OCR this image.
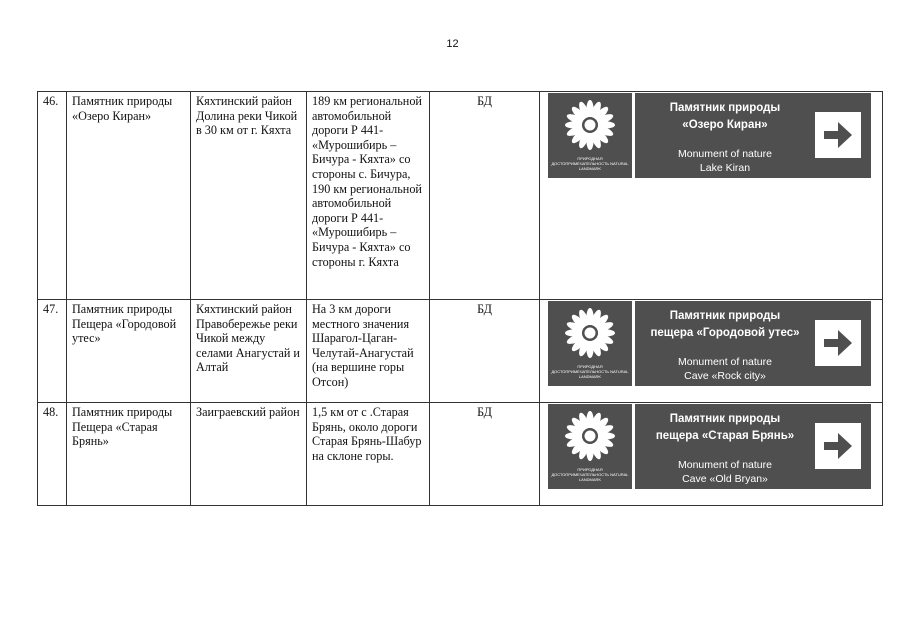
12
46.	Памятник природы «Озеро Киран»	Кяхтинский район Долина реки Чикой в 30 км от г. Кяхта	189 км региональной автомобильной дороги Р 441- «Мурошибирь – Бичура - Кяхта» со стороны с. Бичура, 190 км региональной автомобильной дороги Р 441- «Мурошибирь – Бичура - Кяхта» со стороны г. Кяхта	БД	ПРИРОДНАЯ ДОСТОПРИМЕЧАТЕЛЬНОСТЬ NATURAL LANDMARK
Памятник природы
«Озеро Киран»
Monument of nature
Lake Kiran

47.	Памятник природы Пещера «Городовой утес»	Кяхтинский район Правобережье реки Чикой между селами Анагустай и Алтай	На 3 км дороги местного значения Шарагол-Цаган-Челутай-Анагустай (на вершине горы Отсон)	БД	ПРИРОДНАЯ ДОСТОПРИМЕЧАТЕЛЬНОСТЬ NATURAL LANDMARK
Памятник природы
пещера «Городовой утес»
Monument of nature
Cave «Rock city»

48.	Памятник природы Пещера «Старая Брянь»	Заиграевский район	1,5 км от с .Старая Брянь, около дороги Старая Брянь-Шабур на склоне горы.	БД	ПРИРОДНАЯ ДОСТОПРИМЕЧАТЕЛЬНОСТЬ NATURAL LANDMARK
Памятник природы
пещера «Старая Брянь»
Monument of nature
Cave «Old Bryan»
